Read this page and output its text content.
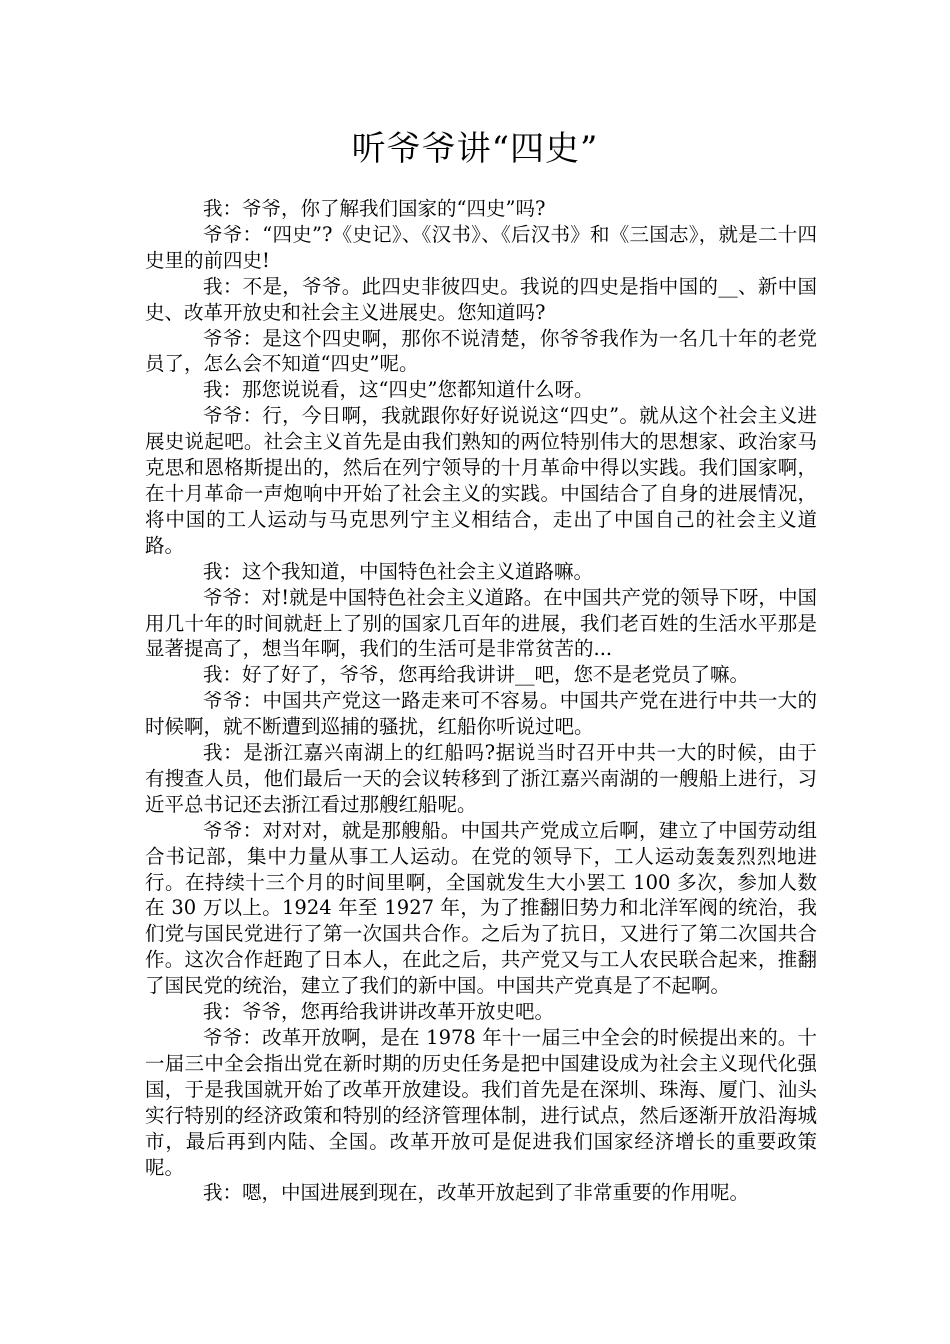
听爷爷讲“四史”

我：爷爷，你了解我们国家的“四史”吗?

爷爷：“四史”?《史记》、《汉书》、《后汉书》和《三国志》，就是二十四史里的前四史!

我：不是，爷爷。此四史非彼四史。我说的四史是指中国的__、新中国史、改革开放史和社会主义进展史。您知道吗?

爷爷：是这个四史啊，那你不说清楚，你爷爷我作为一名几十年的老党员了，怎么会不知道“四史”呢。

我：那您说说看，这“四史”您都知道什么呀。

爷爷：行，今日啊，我就跟你好好说说这“四史”。就从这个社会主义进展史说起吧。社会主义首先是由我们熟知的两位特别伟大的思想家、政治家马克思和恩格斯提出的，然后在列宁领导的十月革命中得以实践。我们国家啊，在十月革命一声炮响中开始了社会主义的实践。中国结合了自身的进展情况，将中国的工人运动与马克思列宁主义相结合，走出了中国自己的社会主义道路。

我：这个我知道，中国特色社会主义道路嘛。

爷爷：对!就是中国特色社会主义道路。在中国共产党的领导下呀，中国用几十年的时间就赶上了别的国家几百年的进展，我们老百姓的生活水平那是显著提高了，想当年啊，我们的生活可是非常贫苦的...

我：好了好了，爷爷，您再给我讲讲__吧，您不是老党员了嘛。

爷爷：中国共产党这一路走来可不容易。中国共产党在进行中共一大的时候啊，就不断遭到巡捕的骚扰，红船你听说过吧。

我：是浙江嘉兴南湖上的红船吗?据说当时召开中共一大的时候，由于有搜查人员，他们最后一天的会议转移到了浙江嘉兴南湖的一艘船上进行，习近平总书记还去浙江看过那艘红船呢。

爷爷：对对对，就是那艘船。中国共产党成立后啊，建立了中国劳动组合书记部，集中力量从事工人运动。在党的领导下，工人运动轰轰烈烈地进行。在持续十三个月的时间里啊，全国就发生大小罢工 100 多次，参加人数在 30 万以上。1924 年至 1927 年，为了推翻旧势力和北洋军阀的统治，我们党与国民党进行了第一次国共合作。之后为了抗日，又进行了第二次国共合作。这次合作赶跑了日本人，在此之后，共产党又与工人农民联合起来，推翻了国民党的统治，建立了我们的新中国。中国共产党真是了不起啊。

我：爷爷，您再给我讲讲改革开放史吧。

爷爷：改革开放啊，是在 1978 年十一届三中全会的时候提出来的。十一届三中全会指出党在新时期的历史任务是把中国建设成为社会主义现代化强国，于是我国就开始了改革开放建设。我们首先是在深圳、珠海、厦门、汕头实行特别的经济政策和特别的经济管理体制，进行试点，然后逐渐开放沿海城市，最后再到内陆、全国。改革开放可是促进我们国家经济增长的重要政策呢。

我：嗯，中国进展到现在，改革开放起到了非常重要的作用呢。
